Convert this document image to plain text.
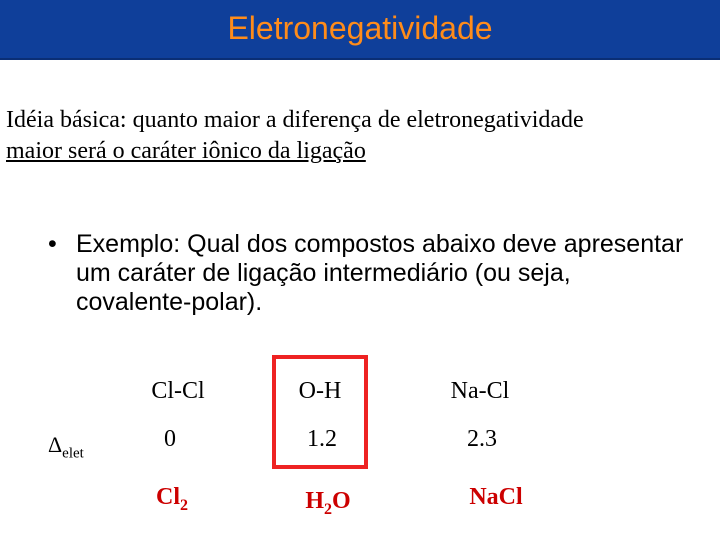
Eletronegatividade
Idéia básica: quanto maior a diferença de eletronegatividade
maior será o caráter iônico da ligação
• Exemplo: Qual dos compostos abaixo deve apresentar um caráter de ligação intermediário (ou seja, covalente-polar).
Cl-Cl	O-H	Na-Cl
$\Delta_{elet}$
0	1.2	2.3
$Cl_2$	$H_2O$	NaCl
